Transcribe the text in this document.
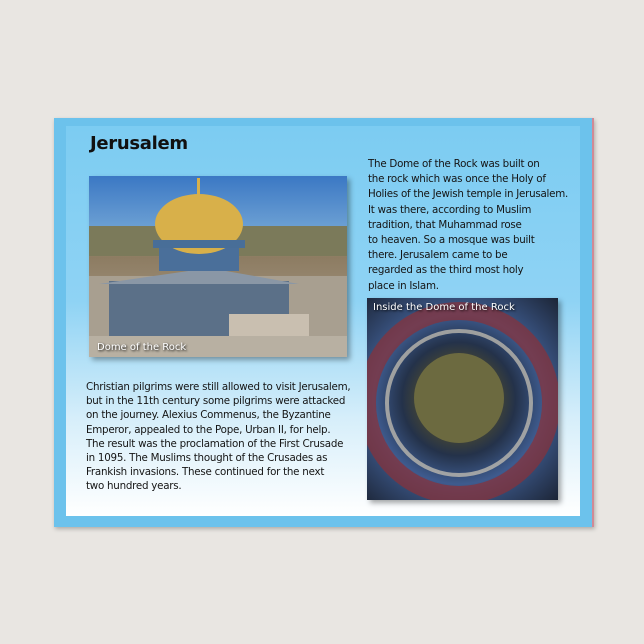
Jerusalem
The Dome of the Rock was built on
the rock which was once the Holy of
Holies of the Jewish temple in Jerusalem.
It was there, according to Muslim
tradition, that Muhammad rose
to heaven. So a mosque was built
there. Jerusalem came to be
regarded as the third most holy
place in Islam.
Dome of the Rock
Inside the Dome of the Rock
Christian pilgrims were still allowed to visit Jerusalem,
but in the 11th century some pilgrims were attacked
on the journey. Alexius Commenus, the Byzantine
Emperor, appealed to the Pope, Urban II, for help.
The result was the proclamation of the First Crusade
in 1095. The Muslims thought of the Crusades as
Frankish invasions. These continued for the next
two hundred years.
